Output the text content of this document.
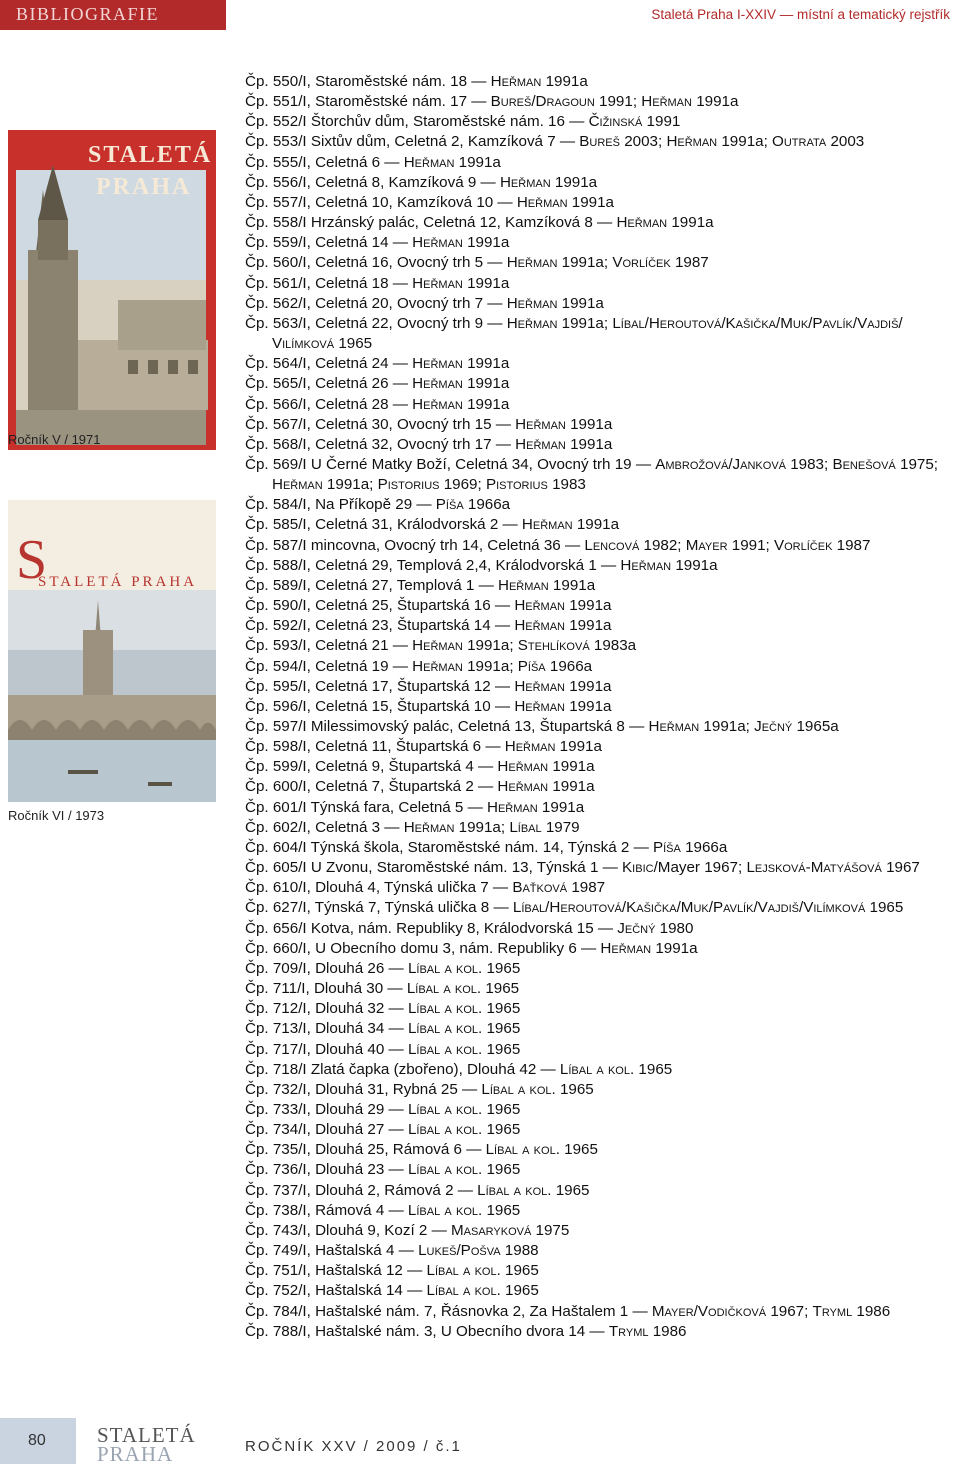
BIBLIOGRAFIE	Staletá Praha I-XXIV — místní a tematický rejstřík
STALETÁ
PRAHA
Ročník V / 1971
S
STALETÁ PRAHA
Ročník VI / 1973
Čp. 550/I, Staroměstské nám. 18 — Heřman 1991a
Čp. 551/I, Staroměstské nám. 17 — Bureš/Dragoun 1991; Heřman 1991a
Čp. 552/I Štorchův dům, Staroměstské nám. 16 — Čižinská 1991
Čp. 553/I Sixtův dům, Celetná 2, Kamzíková 7 — Bureš 2003; Heřman 1991a; Outrata 2003
Čp. 555/I, Celetná 6 — Heřman 1991a
Čp. 556/I, Celetná 8, Kamzíková 9 — Heřman 1991a
Čp. 557/I, Celetná 10, Kamzíková 10 — Heřman 1991a
Čp. 558/I Hrzánský palác, Celetná 12, Kamzíková 8 — Heřman 1991a
Čp. 559/I, Celetná 14 — Heřman 1991a
Čp. 560/I, Celetná 16, Ovocný trh 5 — Heřman 1991a; Vorlíček 1987
Čp. 561/I, Celetná 18 — Heřman 1991a
Čp. 562/I, Celetná 20, Ovocný trh 7 — Heřman 1991a
Čp. 563/I, Celetná 22, Ovocný trh 9 — Heřman 1991a; Líbal/Heroutová/Kašička/Muk/Pavlík/Vajdiš/ Vilímková 1965
Čp. 564/I, Celetná 24 — Heřman 1991a
Čp. 565/I, Celetná 26 — Heřman 1991a
Čp. 566/I, Celetná 28 — Heřman 1991a
Čp. 567/I, Celetná 30, Ovocný trh 15 — Heřman 1991a
Čp. 568/I, Celetná 32, Ovocný trh 17 — Heřman 1991a
Čp. 569/I U Černé Matky Boží, Celetná 34, Ovocný trh 19 — Ambrožová/Janková 1983; Benešová 1975; Heřman 1991a; Pistorius 1969; Pistorius 1983
Čp. 584/I, Na Příkopě 29 — Píša 1966a
Čp. 585/I, Celetná 31, Králodvorská 2 — Heřman 1991a
Čp. 587/I mincovna, Ovocný trh 14, Celetná 36 — Lencová 1982; Mayer 1991; Vorlíček 1987
Čp. 588/I, Celetná 29, Templová 2,4, Králodvorská 1 — Heřman 1991a
Čp. 589/I, Celetná 27, Templová 1 — Heřman 1991a
Čp. 590/I, Celetná 25, Štupartská 16 — Heřman 1991a
Čp. 592/I, Celetná 23, Štupartská 14 — Heřman 1991a
Čp. 593/I, Celetná 21 — Heřman 1991a; Stehlíková 1983a
Čp. 594/I, Celetná 19 — Heřman 1991a; Píša 1966a
Čp. 595/I, Celetná 17, Štupartská 12 — Heřman 1991a
Čp. 596/I, Celetná 15, Štupartská 10 — Heřman 1991a
Čp. 597/I Milessimovský palác, Celetná 13, Štupartská 8 — Heřman 1991a; Ječný 1965a
Čp. 598/I, Celetná 11, Štupartská 6 — Heřman 1991a
Čp. 599/I, Celetná 9, Štupartská 4 — Heřman 1991a
Čp. 600/I, Celetná 7, Štupartská 2 — Heřman 1991a
Čp. 601/I Týnská fara, Celetná 5 — Heřman 1991a
Čp. 602/I, Celetná 3 — Heřman 1991a; Líbal 1979
Čp. 604/I Týnská škola, Staroměstské nám. 14, Týnská 2 — Píša 1966a
Čp. 605/I U Zvonu, Staroměstské nám. 13, Týnská 1 — Kibic/Mayer 1967; Lejsková-Matyášová 1967
Čp. 610/I, Dlouhá 4, Týnská ulička 7 — Baťková 1987
Čp. 627/I, Týnská 7, Týnská ulička 8 — Líbal/Heroutová/Kašička/Muk/Pavlík/Vajdiš/Vilímková 1965
Čp. 656/I Kotva, nám. Republiky 8, Králodvorská 15 — Ječný 1980
Čp. 660/I, U Obecního domu 3, nám. Republiky 6 — Heřman 1991a
Čp. 709/I, Dlouhá 26 — Líbal a kol. 1965
Čp. 711/I, Dlouhá 30 — Líbal a kol. 1965
Čp. 712/I, Dlouhá 32 — Líbal a kol. 1965
Čp. 713/I, Dlouhá 34 — Líbal a kol. 1965
Čp. 717/I, Dlouhá 40 — Líbal a kol. 1965
Čp. 718/I Zlatá čapka (zbořeno), Dlouhá 42 — Líbal a kol. 1965
Čp. 732/I, Dlouhá 31, Rybná 25 — Líbal a kol. 1965
Čp. 733/I, Dlouhá 29 — Líbal a kol. 1965
Čp. 734/I, Dlouhá 27 — Líbal a kol. 1965
Čp. 735/I, Dlouhá 25, Rámová 6 — Líbal a kol. 1965
Čp. 736/I, Dlouhá 23 — Líbal a kol. 1965
Čp. 737/I, Dlouhá 2, Rámová 2 — Líbal a kol. 1965
Čp. 738/I, Rámová 4 — Líbal a kol. 1965
Čp. 743/I, Dlouhá 9, Kozí 2 — Masaryková 1975
Čp. 749/I, Haštalská 4 — Lukeš/Pošva 1988
Čp. 751/I, Haštalská 12 — Líbal a kol. 1965
Čp. 752/I, Haštalská 14 — Líbal a kol. 1965
Čp. 784/I, Haštalské nám. 7, Řásnovka 2, Za Haštalem 1 — Mayer/Vodičková 1967; Tryml 1986
Čp. 788/I, Haštalské nám. 3, U Obecního dvora 14 — Tryml 1986
80 STALETÁ
PRAHA	ROČNÍK XXV / 2009 / č.1
